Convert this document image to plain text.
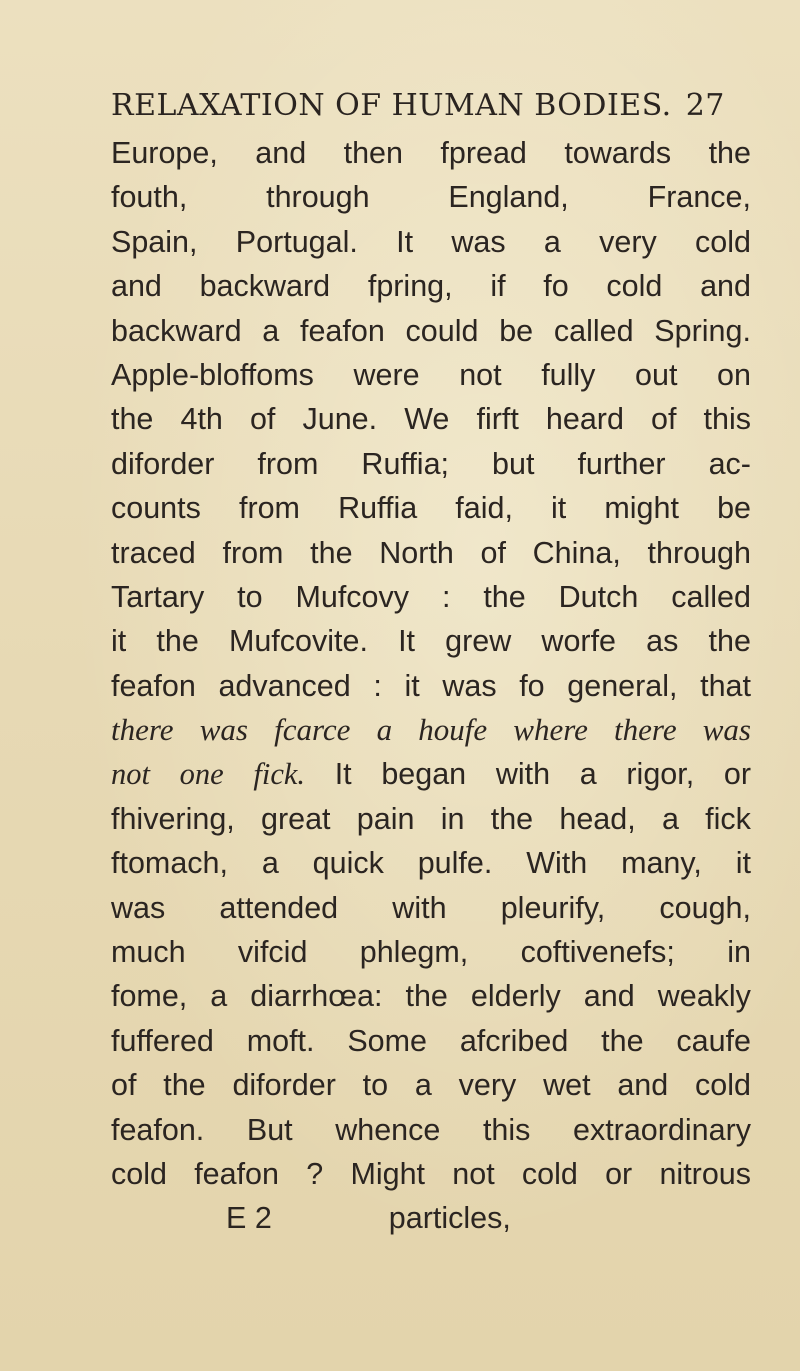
RELAXATION OF HUMAN BODIES. 27
Europe, and then fpread towards the
fouth,	through	England,	France,
Spain, Portugal. It was a very cold
and backward fpring, if fo cold and
backward a feafon could be called Spring.
Apple-bloffoms were not fully out on
the 4th of June. We firft heard of this
diforder from Ruffia; but further ac-
counts from Ruffia faid, it might be
traced from the North of China, through
Tartary to Mufcovy : the Dutch called
it the Mufcovite. It grew worfe as the
feafon advanced : it was fo general, that
there was fcarce a houfe where there was
not one fick. It began with a rigor, or
fhivering, great pain in the head, a fick
ftomach, a quick pulfe. With many, it
was attended with pleurify, cough,
much vifcid phlegm, coftivenefs; in
fome, a diarrhœa: the elderly and weakly
fuffered moft. Some afcribed the caufe
of the diforder to a very wet and cold
feafon. But whence this extraordinary
cold feafon ? Might not cold or nitrous
E 2	particles,
